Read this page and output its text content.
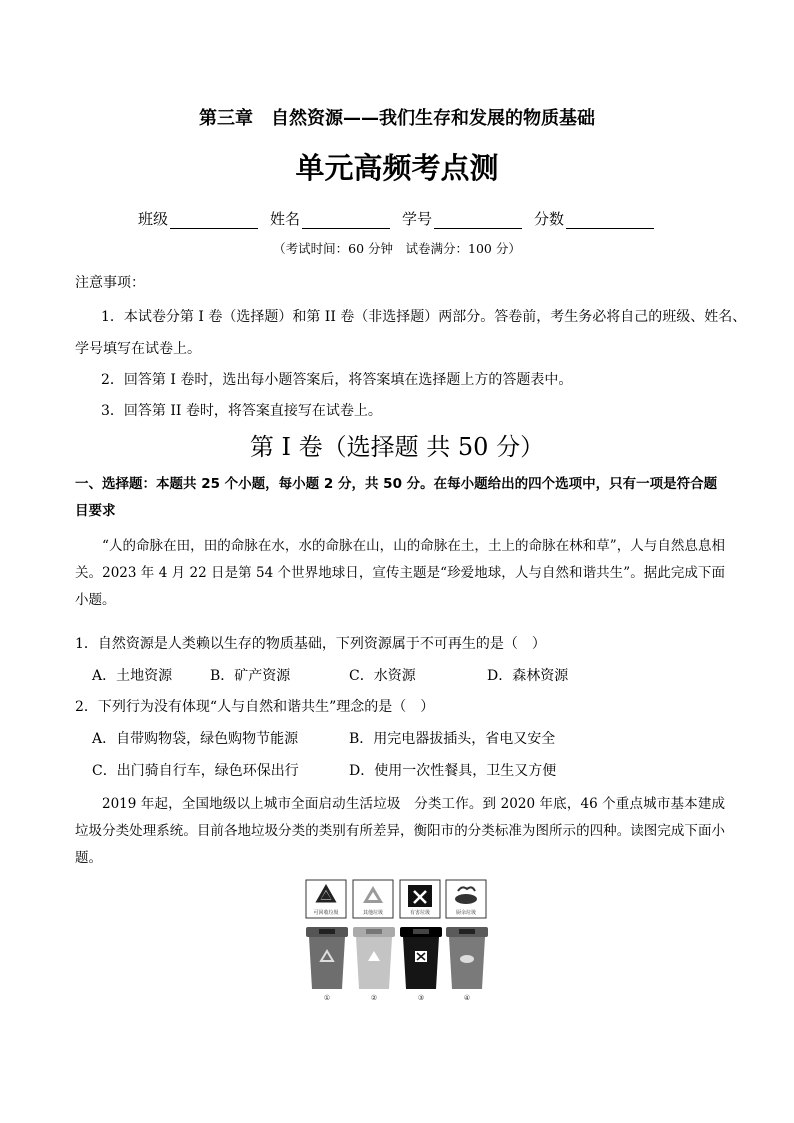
第三章　自然资源——我们生存和发展的物质基础
单元高频考点测
班级	姓名	学号	分数
（考试时间：60 分钟　试卷满分：100 分）
注意事项：
1．本试卷分第 I 卷（选择题）和第 II 卷（非选择题）两部分。答卷前，考生务必将自己的班级、姓名、
学号填写在试卷上。
2．回答第 I 卷时，选出每小题答案后，将答案填在选择题上方的答题表中。
3．回答第 II 卷时，将答案直接写在试卷上。
第 I 卷（选择题 共 50 分）
一、选择题：本题共 25 个小题，每小题 2 分，共 50 分。在每小题给出的四个选项中，只有一项是符合题目要求
“人的命脉在田，田的命脉在水，水的命脉在山，山的命脉在土，土上的命脉在林和草”，人与自然息息相关。2023 年 4 月 22 日是第 54 个世界地球日，宣传主题是“珍爱地球，人与自然和谐共生”。据此完成下面小题。
1．自然资源是人类赖以生存的物质基础，下列资源属于不可再生的是（　）
A．土地资源	B．矿产资源	C．水资源	D．森林资源
2．下列行为没有体现“人与自然和谐共生”理念的是（　）
A．自带购物袋，绿色购物节能源	B．用完电器拔插头，省电又安全
C．出门骑自行车，绿色环保出行	D．使用一次性餐具，卫生又方便
2019 年起，全国地级以上城市全面启动生活垃圾　分类工作。到 2020 年底，46 个重点城市基本建成垃圾分类处理系统。目前各地垃圾分类的类别有所差异，衡阳市的分类标准为图所示的四种。读图完成下面小题。
可回收垃圾	其他垃圾	有害垃圾	厨余垃圾
①	②	③	④
